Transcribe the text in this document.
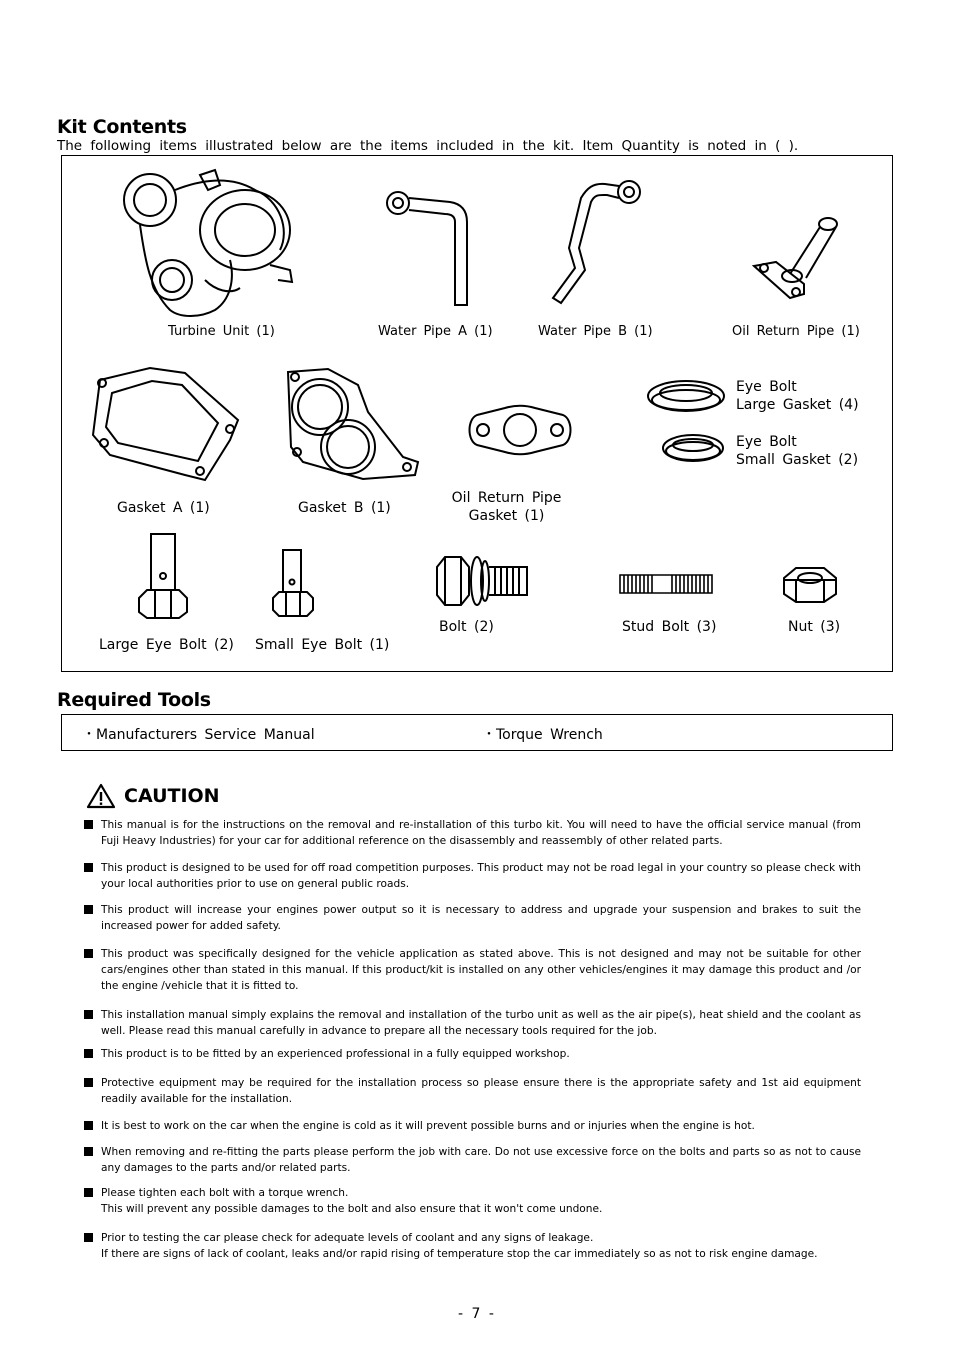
Kit Contents
The following items illustrated below are the items included in the kit. Item Quantity is noted in ( ).
Turbine Unit (1)	Water Pipe A (1)	Water Pipe B (1)	Oil Return Pipe (1)
Eye Bolt
Large Gasket (4)
Eye Bolt
Small Gasket (2)
Gasket A (1)	Gasket B (1)
Oil Return Pipe
Gasket (1)
Large Eye Bolt (2) Small Eye Bolt (1)
Bolt (2)	Stud Bolt (3)	Nut (3)
Required Tools
・Manufacturers Service Manual	・Torque Wrench
CAUTION
This manual is for the instructions on the removal and re-installation of this turbo kit. You will need to have the official service manual (from Fuji Heavy Industries) for your car for additional reference on the disassembly and reassembly of other related parts.
This product is designed to be used for off road competition purposes. This product may not be road legal in your country so please check with your local authorities prior to use on general public roads.
This product will increase your engines power output so it is necessary to address and upgrade your suspension and brakes to suit the increased power for added safety.
This product was specifically designed for the vehicle application as stated above. This is not designed and may not be suitable for other cars/engines other than stated in this manual. If this product/kit is installed on any other vehicles/engines it may damage this product and /or the engine /vehicle that it is fitted to.
This installation manual simply explains the removal and installation of the turbo unit as well as the air pipe(s), heat shield and the coolant as well. Please read this manual carefully in advance to prepare all the necessary tools required for the job.
This product is to be fitted by an experienced professional in a fully equipped workshop.
Protective equipment may be required for the installation process so please ensure there is the appropriate safety and 1st aid equipment readily available for the installation.
It is best to work on the car when the engine is cold as it will prevent possible burns and or injuries when the engine is hot.
When removing and re-fitting the parts please perform the job with care. Do not use excessive force on the bolts and parts so as not to cause any damages to the parts and/or related parts.
Please tighten each bolt with a torque wrench.
This will prevent any possible damages to the bolt and also ensure that it won't come undone.
Prior to testing the car please check for adequate levels of coolant and any signs of leakage.
If there are signs of lack of coolant, leaks and/or rapid rising of temperature stop the car immediately so as not to risk engine damage.
- 7 -
